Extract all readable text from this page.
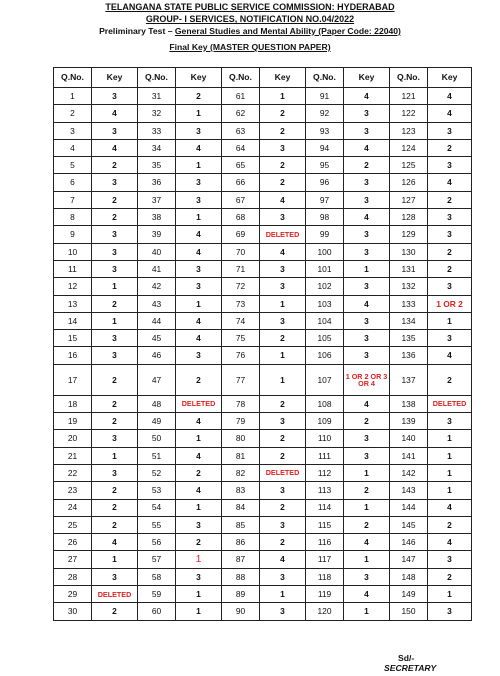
TELANGANA STATE PUBLIC SERVICE COMMISSION: HYDERABAD
GROUP- I SERVICES, NOTIFICATION NO.04/2022
Preliminary Test – General Studies and Mental Ability (Paper Code: 22040)
Final Key (MASTER QUESTION PAPER)
Q.No.	Key	Q.No.	Key	Q.No.	Key	Q.No.	Key	Q.No.	Key
1	3	31	2	61	1	91	4	121	4
2	4	32	1	62	2	92	3	122	4
3	3	33	3	63	2	93	3	123	3
4	4	34	4	64	3	94	4	124	2
5	2	35	1	65	2	95	2	125	3
6	3	36	3	66	2	96	3	126	4
7	2	37	3	67	4	97	3	127	2
8	2	38	1	68	3	98	4	128	3
9	3	39	4	69	DELETED	99	3	129	3
10	3	40	4	70	4	100	3	130	2
11	3	41	3	71	3	101	1	131	2
12	1	42	3	72	3	102	3	132	3
13	2	43	1	73	1	103	4	133	1 OR 2
14	1	44	4	74	3	104	3	134	1
15	3	45	4	75	2	105	3	135	3
16	3	46	3	76	1	106	3	136	4
17	2	47	2	77	1	107	1 OR 2 OR 3 OR 4	137	2
18	2	48	DELETED	78	2	108	4	138	DELETED
19	2	49	4	79	3	109	2	139	3
20	3	50	1	80	2	110	3	140	1
21	1	51	4	81	2	111	3	141	1
22	3	52	2	82	DELETED	112	1	142	1
23	2	53	4	83	3	113	2	143	1
24	2	54	1	84	2	114	1	144	4
25	2	55	3	85	3	115	2	145	2
26	4	56	2	86	2	116	4	146	4
27	1	57	1	87	4	117	1	147	3
28	3	58	3	88	3	118	3	148	2
29	DELETED	59	1	89	1	119	4	149	1
30	2	60	1	90	3	120	1	150	3
Sd/-
SECRETARY
